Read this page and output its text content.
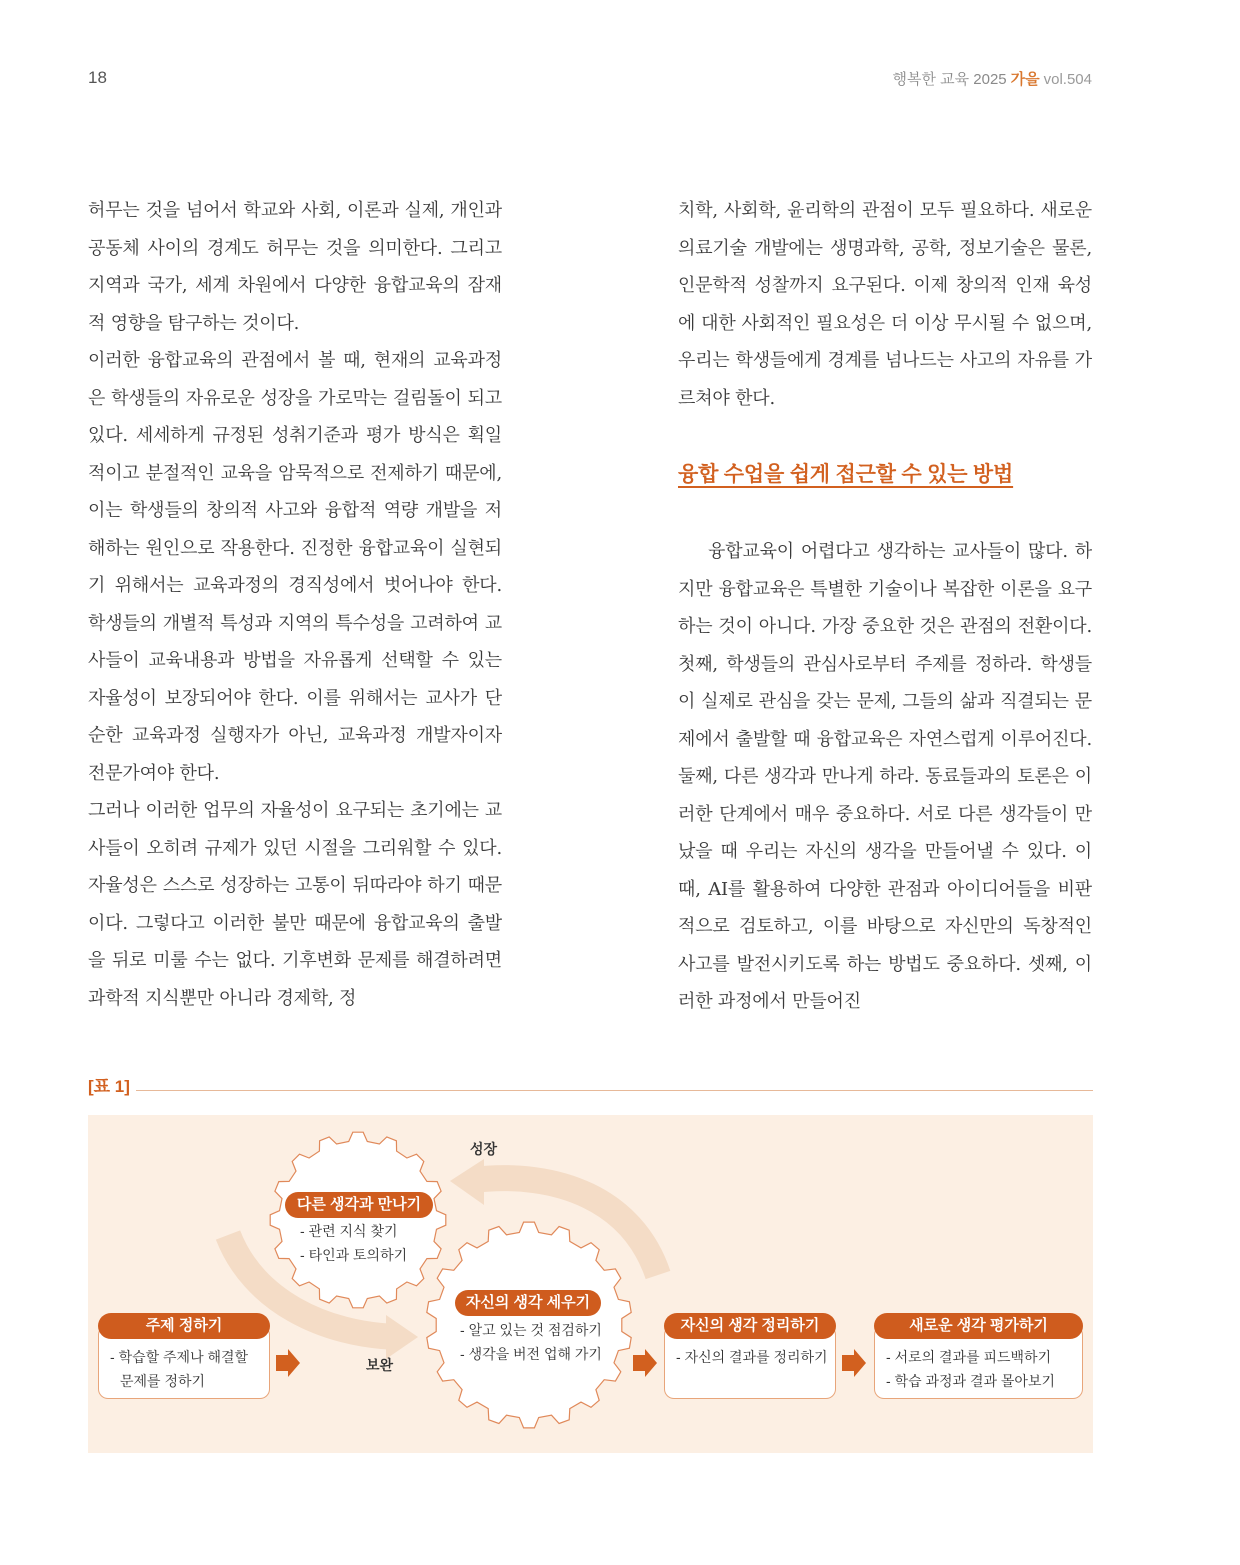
18	행복한 교육 2025 가을 vol.504

허무는 것을 넘어서 학교와 사회, 이론과 실제, 개인과 공동체 사이의 경계도 허무는 것을 의미한다. 그리고 지역과 국가, 세계 차원에서 다양한 융합교육의 잠재적 영향을 탐구하는 것이다.

이러한 융합교육의 관점에서 볼 때, 현재의 교육과정은 학생들의 자유로운 성장을 가로막는 걸림돌이 되고 있다. 세세하게 규정된 성취기준과 평가 방식은 획일적이고 분절적인 교육을 암묵적으로 전제하기 때문에, 이는 학생들의 창의적 사고와 융합적 역량 개발을 저해하는 원인으로 작용한다. 진정한 융합교육이 실현되기 위해서는 교육과정의 경직성에서 벗어나야 한다. 학생들의 개별적 특성과 지역의 특수성을 고려하여 교사들이 교육내용과 방법을 자유롭게 선택할 수 있는 자율성이 보장되어야 한다. 이를 위해서는 교사가 단순한 교육과정 실행자가 아닌, 교육과정 개발자이자 전문가여야 한다.

그러나 이러한 업무의 자율성이 요구되는 초기에는 교사들이 오히려 규제가 있던 시절을 그리워할 수 있다. 자율성은 스스로 성장하는 고통이 뒤따라야 하기 때문이다. 그렇다고 이러한 불만 때문에 융합교육의 출발을 뒤로 미룰 수는 없다. 기후변화 문제를 해결하려면 과학적 지식뿐만 아니라 경제학, 정

치학, 사회학, 윤리학의 관점이 모두 필요하다. 새로운 의료기술 개발에는 생명과학, 공학, 정보기술은 물론, 인문학적 성찰까지 요구된다. 이제 창의적 인재 육성에 대한 사회적인 필요성은 더 이상 무시될 수 없으며, 우리는 학생들에게 경계를 넘나드는 사고의 자유를 가르쳐야 한다.

융합 수업을 쉽게 접근할 수 있는 방법

융합교육이 어렵다고 생각하는 교사들이 많다. 하지만 융합교육은 특별한 기술이나 복잡한 이론을 요구하는 것이 아니다. 가장 중요한 것은 관점의 전환이다. 첫째, 학생들의 관심사로부터 주제를 정하라. 학생들이 실제로 관심을 갖는 문제, 그들의 삶과 직결되는 문제에서 출발할 때 융합교육은 자연스럽게 이루어진다. 둘째, 다른 생각과 만나게 하라. 동료들과의 토론은 이러한 단계에서 매우 중요하다. 서로 다른 생각들이 만났을 때 우리는 자신의 생각을 만들어낼 수 있다. 이때, AI를 활용하여 다양한 관점과 아이디어들을 비판적으로 검토하고, 이를 바탕으로 자신만의 독창적인 사고를 발전시키도록 하는 방법도 중요하다. 셋째, 이러한 과정에서 만들어진

[표 1]
성장
보완
주제 정하기
- 학습할 주제나 해결할 문제를 정하기
다른 생각과 만나기
- 관련 지식 찾기
- 타인과 토의하기
자신의 생각 세우기
- 알고 있는 것 점검하기
- 생각을 버전 업해 가기
자신의 생각 정리하기
- 자신의 결과를 정리하기
새로운 생각 평가하기
- 서로의 결과를 피드백하기
- 학습 과정과 결과 몰아보기
